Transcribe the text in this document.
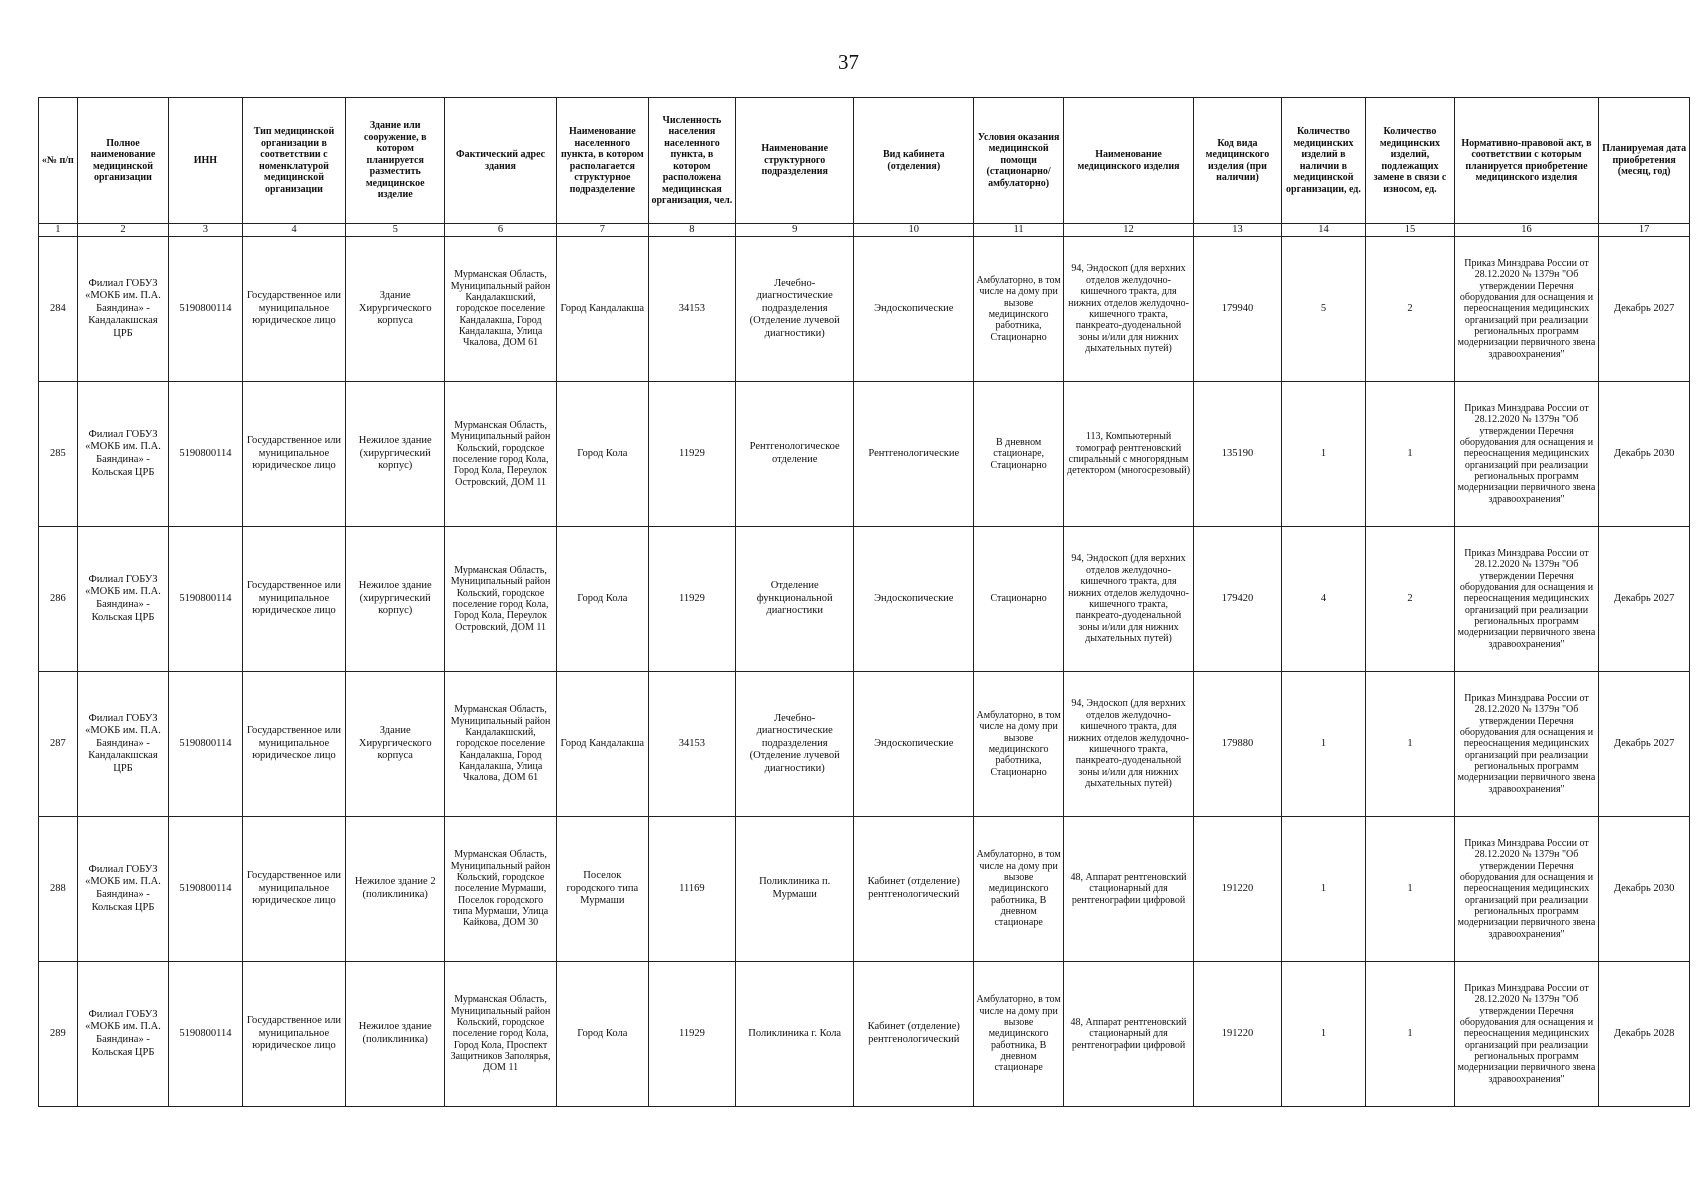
37
«№ п/п	Полное наименование медицинской организации	ИНН	Тип медицинской организации в соответствии с номенклатурой медицинской организации	Здание или сооружение, в котором планируется разместить медицинское изделие	Фактический адрес здания	Наименование населенного пункта, в котором располагается структурное подразделение	Численность населения населенного пункта, в котором расположена медицинская организация, чел.	Наименование структурного подразделения	Вид кабинета (отделения)	Условия оказания медицинской помощи (стационарно/ амбулаторно)	Наименование медицинского изделия	Код вида медицинского изделия (при наличии)	Количество медицинских изделий в наличии в медицинской организации, ед.	Количество медицинских изделий, подлежащих замене в связи с износом, ед.	Нормативно-правовой акт, в соответствии с которым планируется приобретение медицинского изделия	Планируемая дата приобретения (месяц, год)
1	2	3	4	5	6	7	8	9	10	11	12	13	14	15	16	17
284	Филиал ГОБУЗ «МОКБ им. П.А. Баяндина» - Кандалакшская ЦРБ	5190800114	Государственное или муниципальное юридическое лицо	Здание Хирургического корпуса	Мурманская Область, Муниципальный район Кандалакшский, городское поселение Кандалакша, Город Кандалакша, Улица Чкалова, ДОМ 61	Город Кандалакша	34153	Лечебно-диагностические подразделения (Отделение лучевой диагностики)	Эндоскопические	Амбулаторно, в том числе на дому при вызове медицинского работника, Стационарно	94, Эндоскоп (для верхних отделов желудочно- кишечного тракта, для нижних отделов желудочно-кишечного тракта, панкреато-дуоденальной зоны и/или для нижних дыхательных путей)	179940	5	2	Приказ Минздрава России от 28.12.2020 № 1379н "Об утверждении Перечня оборудования для оснащения и переоснащения медицинских организаций при реализации региональных программ модернизации первичного звена здравоохранения"	Декабрь 2027
285	Филиал ГОБУЗ «МОКБ им. П.А. Баяндина» - Кольская ЦРБ	5190800114	Государственное или муниципальное юридическое лицо	Нежилое здание (хирургический корпус)	Мурманская Область, Муниципальный район Кольский, городское поселение город Кола, Город Кола, Переулок Островский, ДОМ 11	Город Кола	11929	Рентгенологическое отделение	Рентгенологические	В дневном стационаре, Стационарно	113, Компьютерный томограф рентгеновский спиральный с многорядным детектором (многосрезовый)	135190	1	1	Приказ Минздрава России от 28.12.2020 № 1379н "Об утверждении Перечня оборудования для оснащения и переоснащения медицинских организаций при реализации региональных программ модернизации первичного звена здравоохранения"	Декабрь 2030
286	Филиал ГОБУЗ «МОКБ им. П.А. Баяндина» - Кольская ЦРБ	5190800114	Государственное или муниципальное юридическое лицо	Нежилое здание (хирургический корпус)	Мурманская Область, Муниципальный район Кольский, городское поселение город Кола, Город Кола, Переулок Островский, ДОМ 11	Город Кола	11929	Отделение функциональной диагностики	Эндоскопические	Стационарно	94, Эндоскоп (для верхних отделов желудочно- кишечного тракта, для нижних отделов желудочно-кишечного тракта, панкреато-дуоденальной зоны и/или для нижних дыхательных путей)	179420	4	2	Приказ Минздрава России от 28.12.2020 № 1379н "Об утверждении Перечня оборудования для оснащения и переоснащения медицинских организаций при реализации региональных программ модернизации первичного звена здравоохранения"	Декабрь 2027
287	Филиал ГОБУЗ «МОКБ им. П.А. Баяндина» - Кандалакшская ЦРБ	5190800114	Государственное или муниципальное юридическое лицо	Здание Хирургического корпуса	Мурманская Область, Муниципальный район Кандалакшский, городское поселение Кандалакша, Город Кандалакша, Улица Чкалова, ДОМ 61	Город Кандалакша	34153	Лечебно-диагностические подразделения (Отделение лучевой диагностики)	Эндоскопические	Амбулаторно, в том числе на дому при вызове медицинского работника, Стационарно	94, Эндоскоп (для верхних отделов желудочно- кишечного тракта, для нижних отделов желудочно-кишечного тракта, панкреато-дуоденальной зоны и/или для нижних дыхательных путей)	179880	1	1	Приказ Минздрава России от 28.12.2020 № 1379н "Об утверждении Перечня оборудования для оснащения и переоснащения медицинских организаций при реализации региональных программ модернизации первичного звена здравоохранения"	Декабрь 2027
288	Филиал ГОБУЗ «МОКБ им. П.А. Баяндина» - Кольская ЦРБ	5190800114	Государственное или муниципальное юридическое лицо	Нежилое здание 2 (поликлиника)	Мурманская Область, Муниципальный район Кольский, городское поселение Мурмаши, Поселок городского типа Мурмаши, Улица Кайкова, ДОМ 30	Поселок городского типа Мурмаши	11169	Поликлиника п. Мурмаши	Кабинет (отделение) рентгенологический	Амбулаторно, в том числе на дому при вызове медицинского работника, В дневном стационаре	48, Аппарат рентгеновский стационарный для рентгенографии цифровой	191220	1	1	Приказ Минздрава России от 28.12.2020 № 1379н "Об утверждении Перечня оборудования для оснащения и переоснащения медицинских организаций при реализации региональных программ модернизации первичного звена здравоохранения"	Декабрь 2030
289	Филиал ГОБУЗ «МОКБ им. П.А. Баяндина» - Кольская ЦРБ	5190800114	Государственное или муниципальное юридическое лицо	Нежилое здание (поликлиника)	Мурманская Область, Муниципальный район Кольский, городское поселение город Кола, Город Кола, Проспект Защитников Заполярья, ДОМ 11	Город Кола	11929	Поликлиника г. Кола	Кабинет (отделение) рентгенологический	Амбулаторно, в том числе на дому при вызове медицинского работника, В дневном стационаре	48, Аппарат рентгеновский стационарный для рентгенографии цифровой	191220	1	1	Приказ Минздрава России от 28.12.2020 № 1379н "Об утверждении Перечня оборудования для оснащения и переоснащения медицинских организаций при реализации региональных программ модернизации первичного звена здравоохранения"	Декабрь 2028
